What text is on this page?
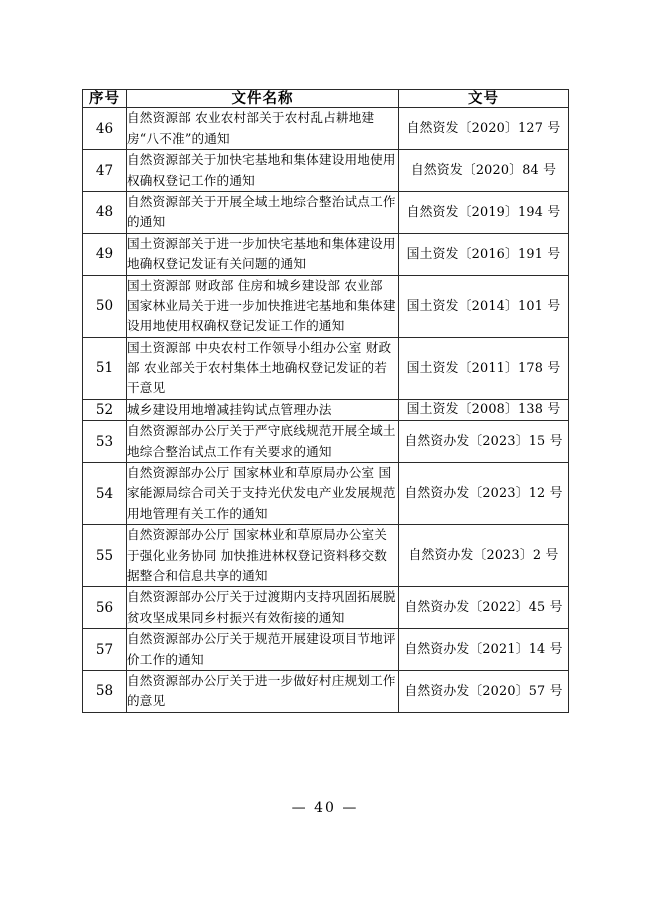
序号	文件名称	文号
46	自然资源部 农业农村部关于农村乱占耕地建房“八不准”的通知	自然资发〔2020〕127 号
47	自然资源部关于加快宅基地和集体建设用地使用权确权登记工作的通知	自然资发〔2020〕84 号
48	自然资源部关于开展全域土地综合整治试点工作的通知	自然资发〔2019〕194 号
49	国土资源部关于进一步加快宅基地和集体建设用地确权登记发证有关问题的通知	国土资发〔2016〕191 号
50	国土资源部 财政部 住房和城乡建设部 农业部 国家林业局关于进一步加快推进宅基地和集体建设用地使用权确权登记发证工作的通知	国土资发〔2014〕101 号
51	国土资源部 中央农村工作领导小组办公室 财政部 农业部关于农村集体土地确权登记发证的若干意见	国土资发〔2011〕178 号
52	城乡建设用地增减挂钩试点管理办法	国土资发〔2008〕138 号
53	自然资源部办公厅关于严守底线规范开展全域土地综合整治试点工作有关要求的通知	自然资办发〔2023〕15 号
54	自然资源部办公厅 国家林业和草原局办公室 国家能源局综合司关于支持光伏发电产业发展规范用地管理有关工作的通知	自然资办发〔2023〕12 号
55	自然资源部办公厅 国家林业和草原局办公室关于强化业务协同 加快推进林权登记资料移交数据整合和信息共享的通知	自然资办发〔2023〕2 号
56	自然资源部办公厅关于过渡期内支持巩固拓展脱贫攻坚成果同乡村振兴有效衔接的通知	自然资办发〔2022〕45 号
57	自然资源部办公厅关于规范开展建设项目节地评价工作的通知	自然资办发〔2021〕14 号
58	自然资源部办公厅关于进一步做好村庄规划工作的意见	自然资办发〔2020〕57 号
— 40 —
